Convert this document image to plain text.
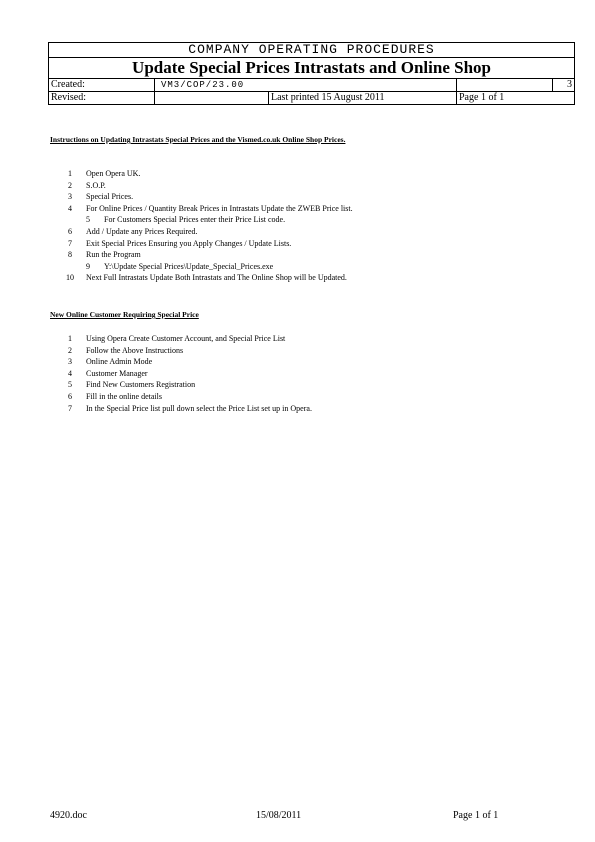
COMPANY OPERATING PROCEDURES				
Update Special Prices Intrastats and Online Shop				
Created:	VM3/COP/23.00			3
Revised:		Last printed 15 August 2011	Page 1 of 1	
Instructions on Updating Intrastats Special Prices and the Vismed.co.uk Online Shop Prices.
1 Open Opera UK.
2 S.O.P.
3 Special Prices.
4 For Online Prices / Quantity Break Prices in Intrastats Update the ZWEB Price list.
5 For Customers Special Prices enter their Price List code.
6 Add / Update any Prices Required.
7 Exit Special Prices Ensuring you Apply Changes / Update Lists.
8 Run the Program
9 Y:\Update Special Prices\Update_Special_Prices.exe
10 Next Full Intrastats Update Both Intrastats and The Online Shop will be Updated.
New Online Customer Requiring Special Price
1 Using Opera Create Customer Account, and Special Price List
2 Follow the Above Instructions
3 Online Admin Mode
4 Customer Manager
5 Find New Customers Registration
6 Fill in the online details
7 In the Special Price list pull down select the Price List set up in Opera.
4920.doc	15/08/2011	Page 1 of 1
